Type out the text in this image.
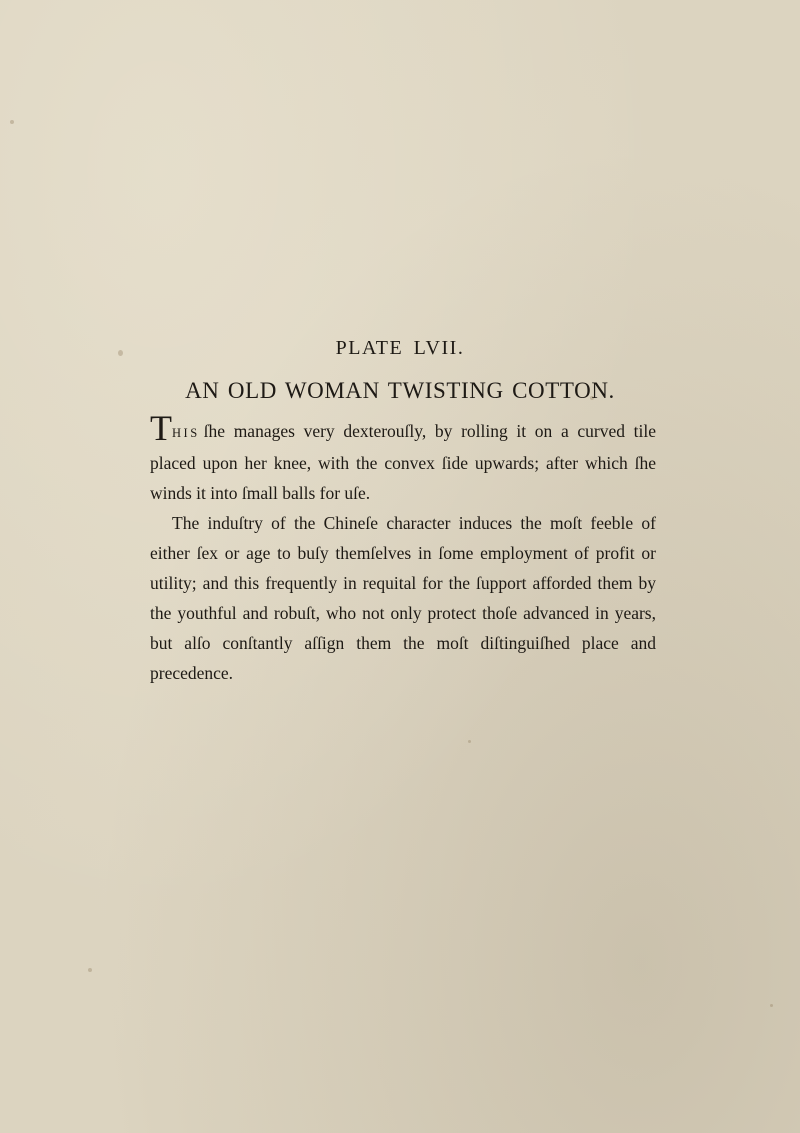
PLATE LVII.
AN OLD WOMAN TWISTING COTTON.

THIS ſhe manages very dexterouſly, by rolling it on a curved tile placed upon her knee, with the convex ſide upwards; after which ſhe winds it into ſmall balls for uſe.

The induſtry of the Chineſe character induces the moſt feeble of either ſex or age to buſy themſelves in ſome employment of profit or utility; and this frequently in requital for the ſupport afforded them by the youthful and robuſt, who not only protect thoſe advanced in years, but alſo conſtantly aſſign them the moſt diſtinguiſhed place and precedence.
